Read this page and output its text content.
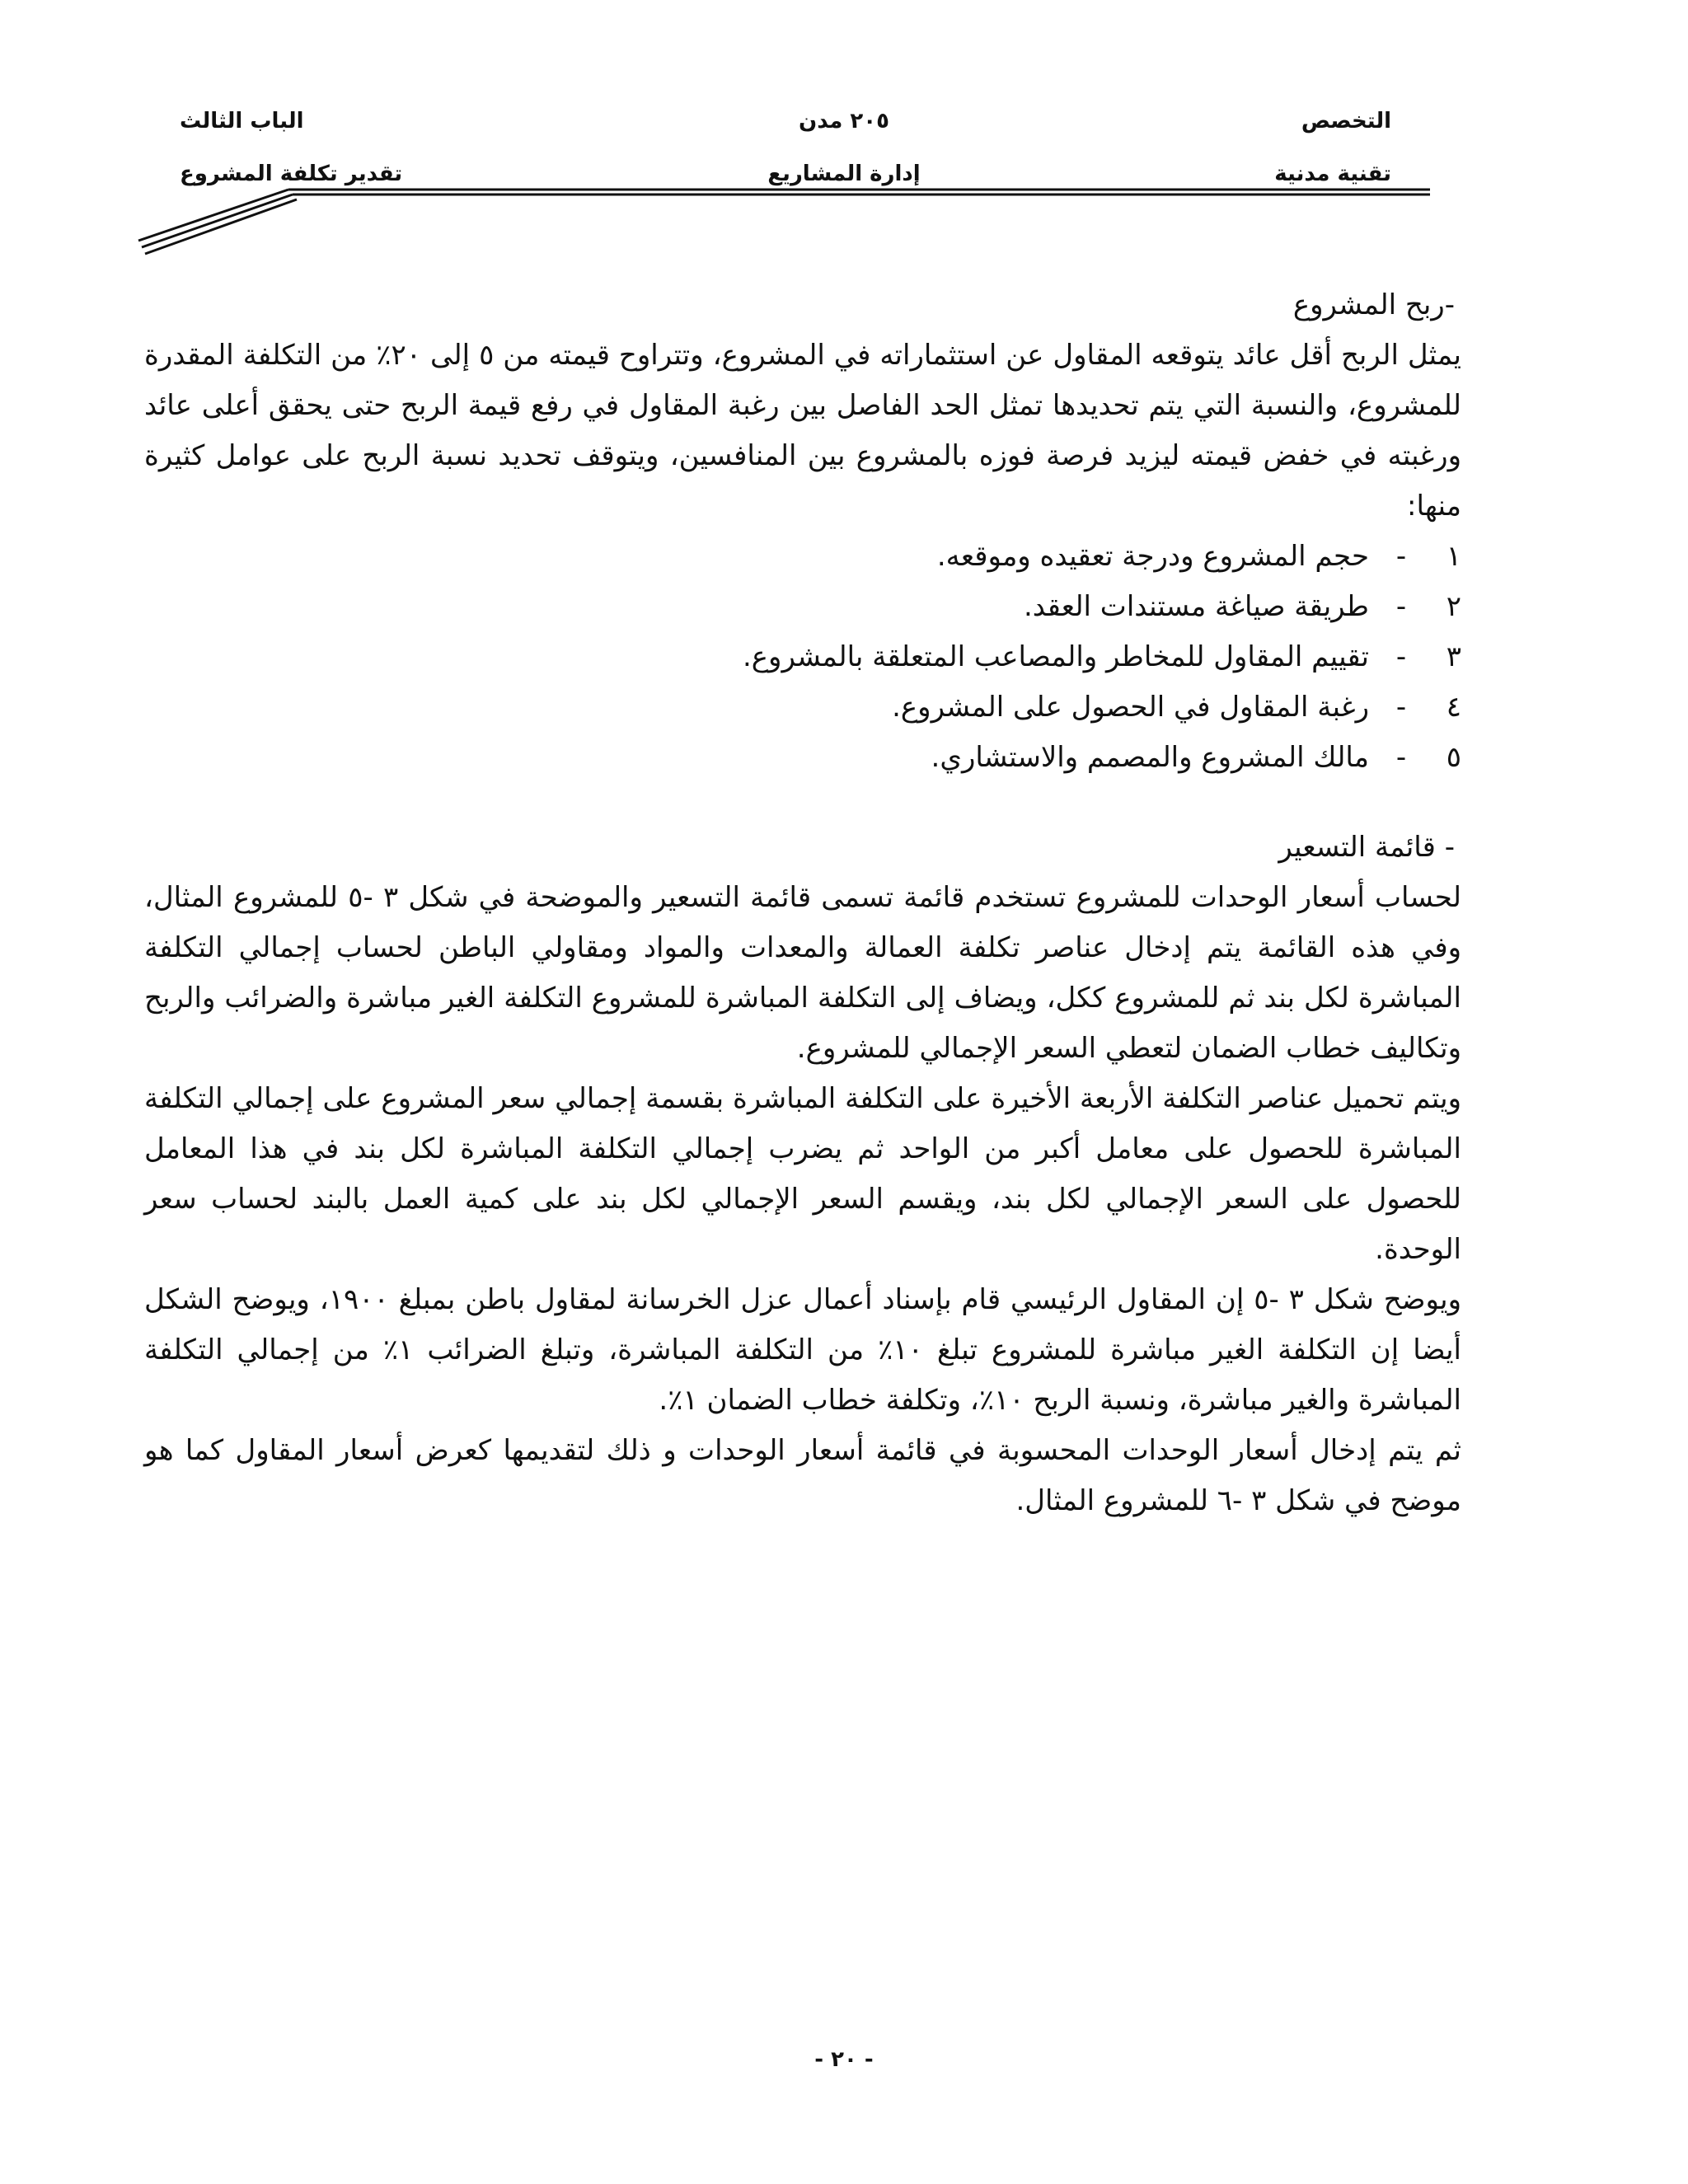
التخصص
تقنية مدنية
٢٠٥ مدن
إدارة المشاريع
الباب الثالث
تقدير تكلفة المشروع

-ربح المشروع

يمثل الربح أقل عائد يتوقعه المقاول عن استثماراته في المشروع، وتتراوح قيمته من ٥ إلى ٢٠٪ من التكلفة المقدرة للمشروع، والنسبة التي يتم تحديدها تمثل الحد الفاصل بين رغبة المقاول في رفع قيمة الربح حتى يحقق أعلى عائد ورغبته في خفض قيمته ليزيد فرصة فوزه بالمشروع بين المنافسين، ويتوقف تحديد نسبة الربح على عوامل كثيرة منها:

١
-
حجم المشروع ودرجة تعقيده وموقعه.
٢
-
طريقة صياغة مستندات العقد.
٣
-
تقييم المقاول للمخاطر والمصاعب المتعلقة بالمشروع.
٤
-
رغبة المقاول في الحصول على المشروع.
٥
-
مالك المشروع والمصمم والاستشاري.

- قائمة التسعير

لحساب أسعار الوحدات للمشروع تستخدم قائمة تسمى قائمة التسعير والموضحة في شكل ٣ -٥ للمشروع المثال، وفي هذه القائمة يتم إدخال عناصر تكلفة العمالة والمعدات والمواد ومقاولي الباطن لحساب إجمالي التكلفة المباشرة لكل بند ثم للمشروع ككل، ويضاف إلى التكلفة المباشرة للمشروع التكلفة الغير مباشرة والضرائب والربح وتكاليف خطاب الضمان لتعطي السعر الإجمالي للمشروع.

ويتم تحميل عناصر التكلفة الأربعة الأخيرة على التكلفة المباشرة بقسمة إجمالي سعر المشروع على إجمالي التكلفة المباشرة للحصول على معامل أكبر من الواحد ثم يضرب إجمالي التكلفة المباشرة لكل بند في هذا المعامل للحصول على السعر الإجمالي لكل بند، ويقسم السعر الإجمالي لكل بند على كمية العمل بالبند لحساب سعر الوحدة.

ويوضح شكل ٣ -٥ إن المقاول الرئيسي قام بإسناد أعمال عزل الخرسانة لمقاول باطن بمبلغ ١٩٠٠، ويوضح الشكل أيضا إن التكلفة الغير مباشرة للمشروع تبلغ ١٠٪ من التكلفة المباشرة، وتبلغ الضرائب ١٪ من إجمالي التكلفة المباشرة والغير مباشرة، ونسبة الربح ١٠٪، وتكلفة خطاب الضمان ١٪.

ثم يتم إدخال أسعار الوحدات المحسوبة في قائمة أسعار الوحدات و ذلك لتقديمها كعرض أسعار المقاول كما هو موضح في شكل ٣ -٦ للمشروع المثال.

- ٢٠ -
